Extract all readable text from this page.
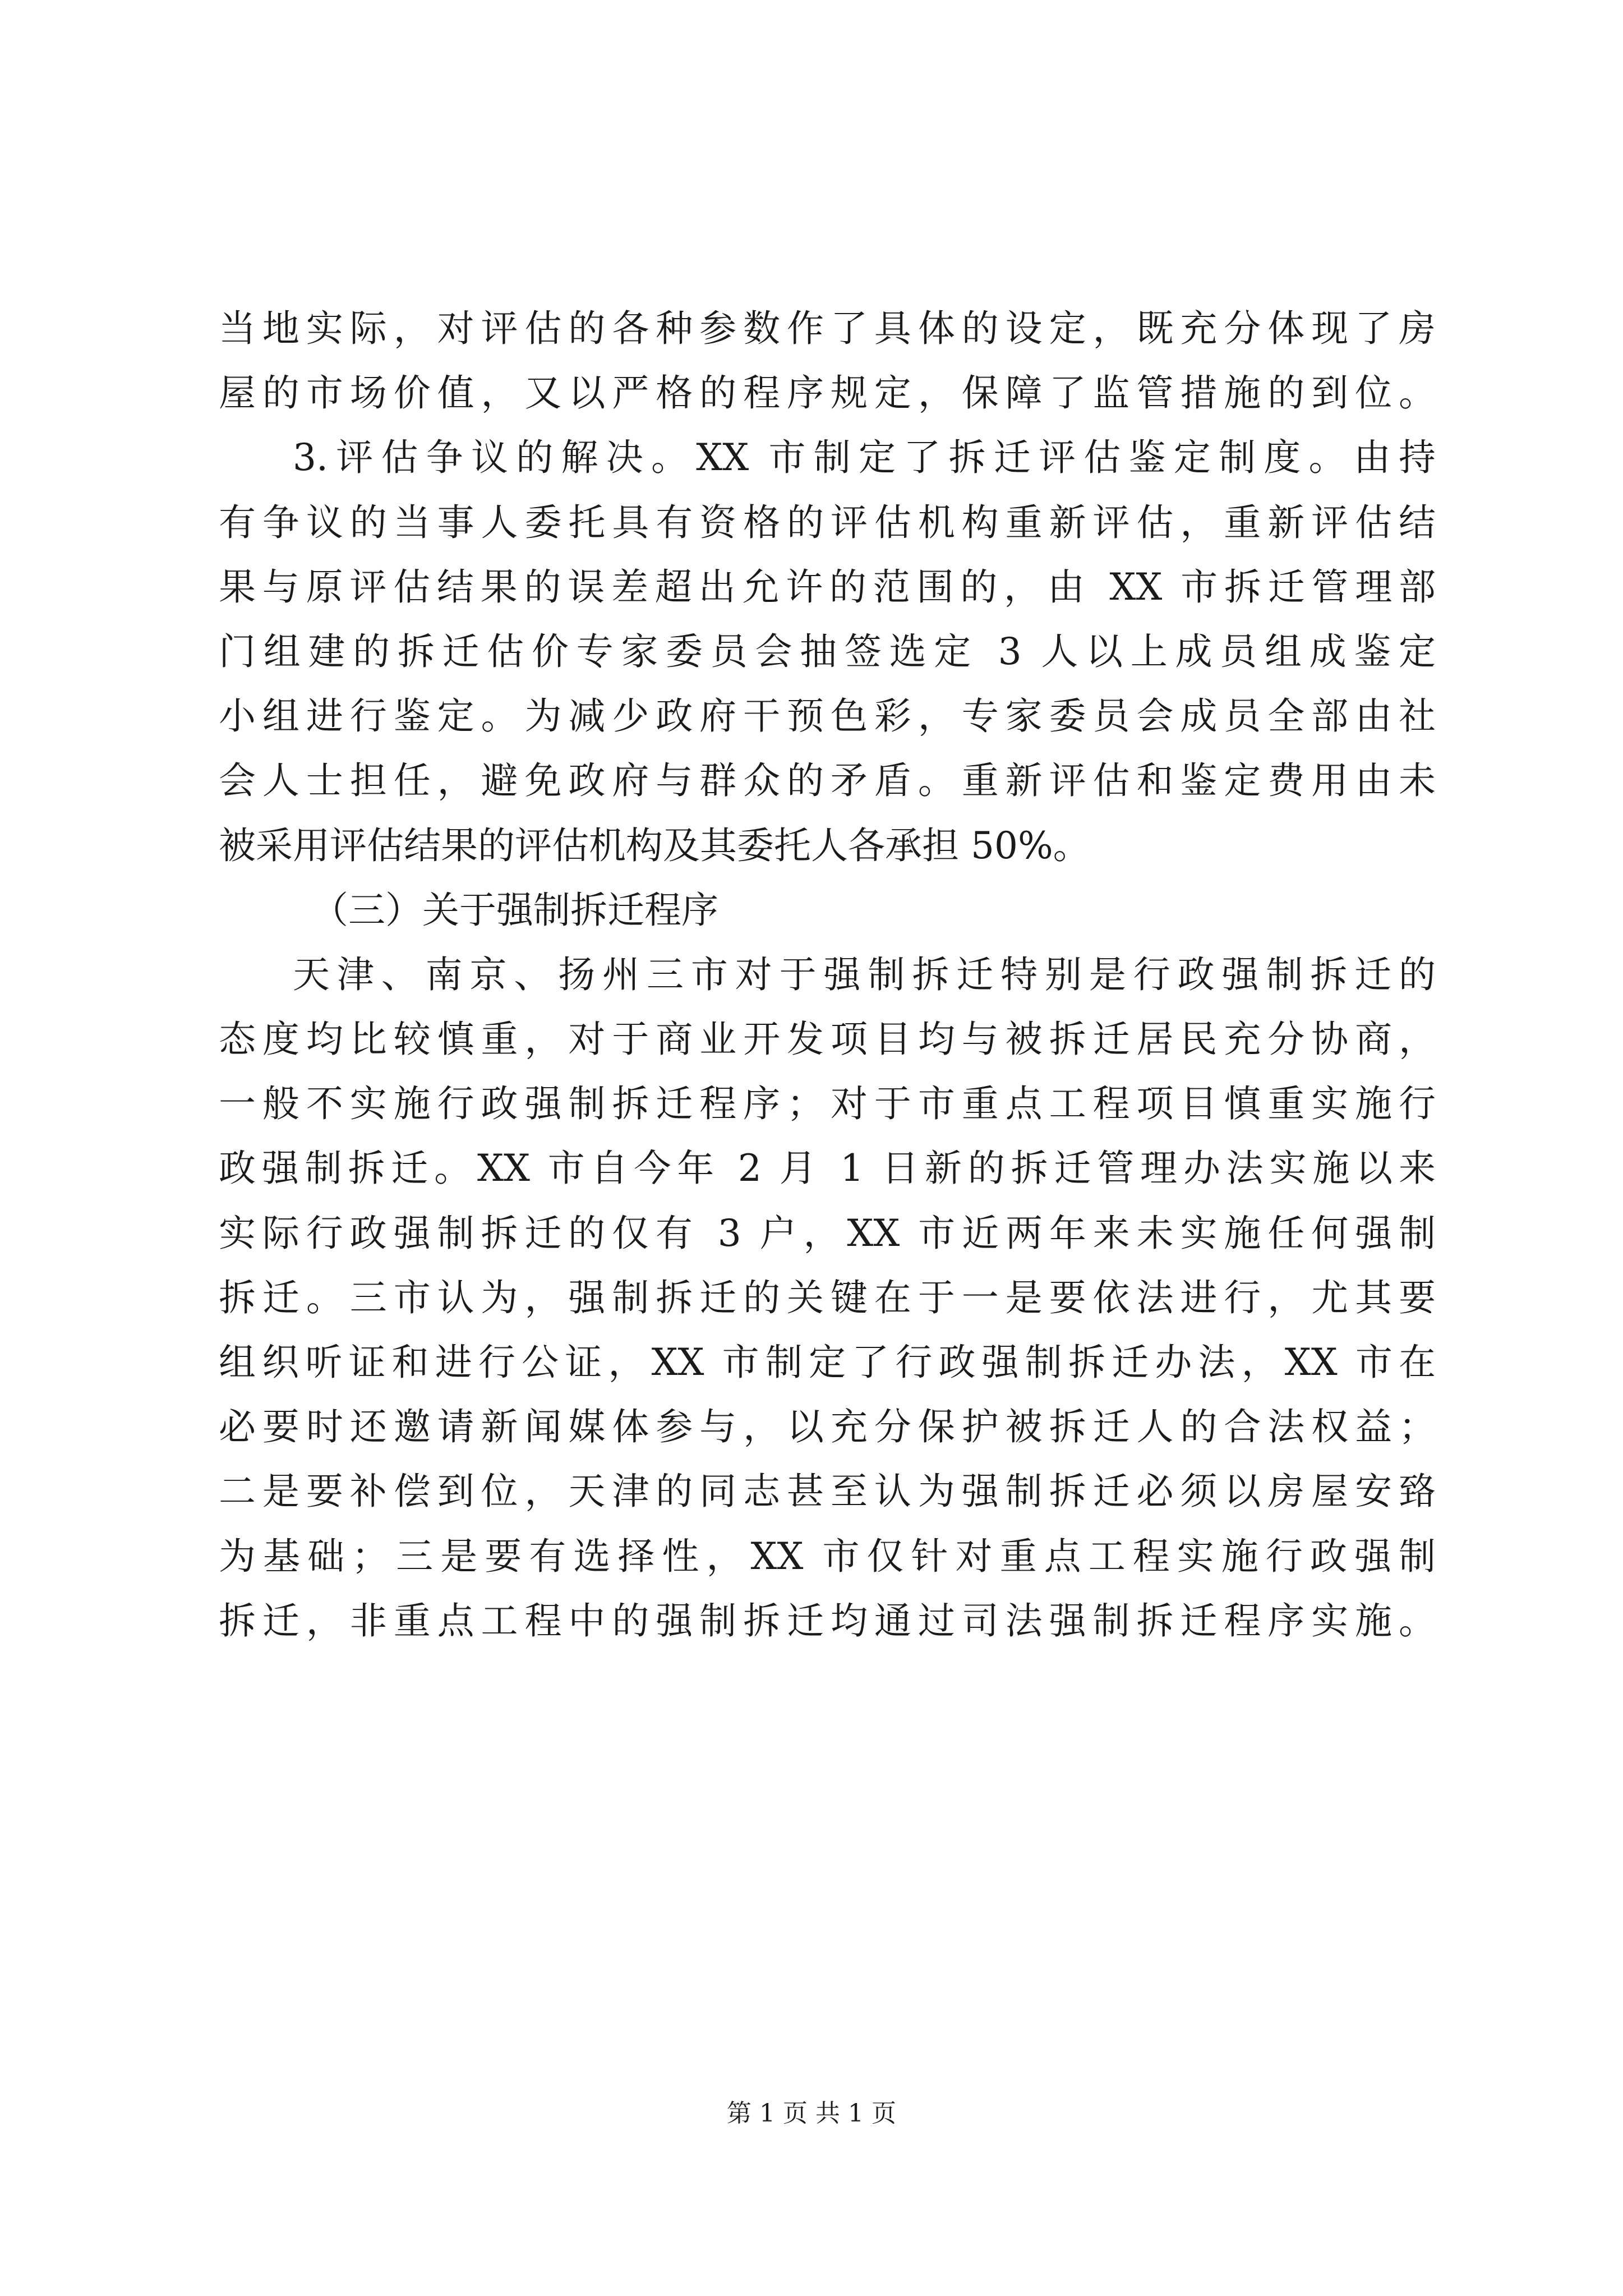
当地实际，对评估的各种参数作了具体的设定，既充分体现了房
屋的市场价值，又以严格的程序规定，保障了监管措施的到位。
3.评估争议的解决。XX 市制定了拆迁评估鉴定制度。由持
有争议的当事人委托具有资格的评估机构重新评估，重新评估结
果与原评估结果的误差超出允许的范围的，由 XX 市拆迁管理部
门组建的拆迁估价专家委员会抽签选定 3 人以上成员组成鉴定
小组进行鉴定。为减少政府干预色彩，专家委员会成员全部由社
会人士担任，避免政府与群众的矛盾。重新评估和鉴定费用由未
被采用评估结果的评估机构及其委托人各承担 50%。
（三）关于强制拆迁程序
天津、南京、扬州三市对于强制拆迁特别是行政强制拆迁的
态度均比较慎重，对于商业开发项目均与被拆迁居民充分协商，
一般不实施行政强制拆迁程序；对于市重点工程项目慎重实施行
政强制拆迁。XX 市自今年 2 月 1 日新的拆迁管理办法实施以来
实际行政强制拆迁的仅有 3 户，XX 市近两年来未实施任何强制
拆迁。三市认为，强制拆迁的关键在于一是要依法进行，尤其要
组织听证和进行公证，XX 市制定了行政强制拆迁办法，XX 市在
必要时还邀请新闻媒体参与，以充分保护被拆迁人的合法权益；
二是要补偿到位，天津的同志甚至认为强制拆迁必须以房屋安臵
为基础；三是要有选择性，XX 市仅针对重点工程实施行政强制
拆迁，非重点工程中的强制拆迁均通过司法强制拆迁程序实施。
第 1 页 共 1 页
